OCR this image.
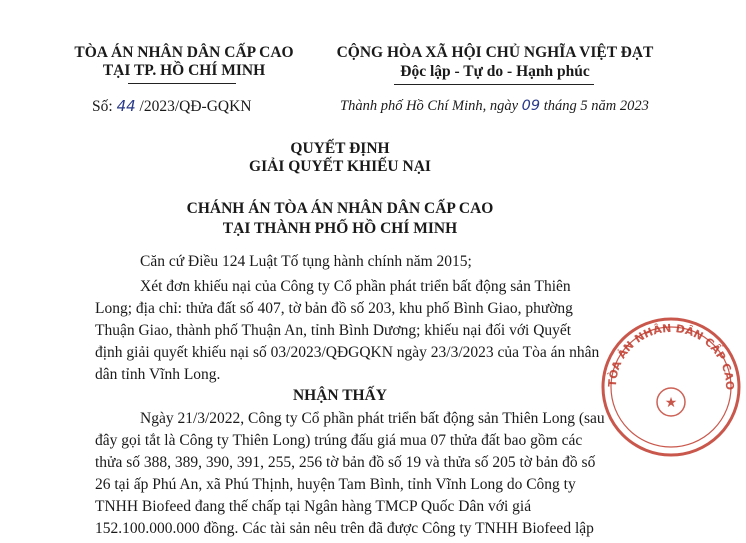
TÒA ÁN NHÂN DÂN CẤP CAO
TẠI TP. HỒ CHÍ MINH
CỘNG HÒA XÃ HỘI CHỦ NGHĨA VIỆT ĐẠT
Độc lập - Tự do - Hạnh phúc
Số: 44 /2023/QĐ-GQKN	Thành phố Hồ Chí Minh, ngày 09 tháng 5 năm 2023
QUYẾT ĐỊNH
GIẢI QUYẾT KHIẾU NẠI
CHÁNH ÁN TÒA ÁN NHÂN DÂN CẤP CAO
TẠI THÀNH PHỐ HỒ CHÍ MINH
Căn cứ Điều 124 Luật Tố tụng hành chính năm 2015;
Xét đơn khiếu nại của Công ty Cổ phần phát triển bất động sản Thiên
Long; địa chỉ: thửa đất số 407, tờ bản đồ số 203, khu phố Bình Giao, phường
Thuận Giao, thành phố Thuận An, tỉnh Bình Dương; khiếu nại đối với Quyết
định giải quyết khiếu nại số 03/2023/QĐGQKN ngày 23/3/2023 của Tòa án nhân
dân tỉnh Vĩnh Long.
NHẬN THẤY
Ngày 21/3/2022, Công ty Cổ phần phát triển bất động sản Thiên Long (sau
đây gọi tắt là Công ty Thiên Long) trúng đấu giá mua 07 thửa đất bao gồm các
thửa số 388, 389, 390, 391, 255, 256 tờ bản đồ số 19 và thửa số 205 tờ bản đồ số
26 tại ấp Phú An, xã Phú Thịnh, huyện Tam Bình, tỉnh Vĩnh Long do Công ty
TNHH Biofeed đang thế chấp tại Ngân hàng TMCP Quốc Dân với giá
152.100.000.000 đồng. Các tài sản nêu trên đã được Công ty TNHH Biofeed lập
TÒA ÁN NHÂN DÂN CẤP CAO
★
